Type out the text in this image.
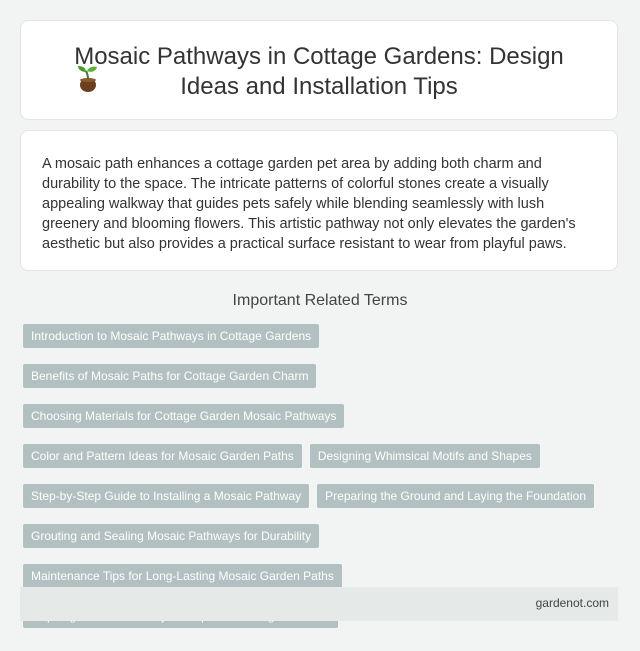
Mosaic Pathways in Cottage Gardens: Design
Ideas and Installation Tips
A mosaic path enhances a cottage garden pet area by adding both charm and durability to the space. The intricate patterns of colorful stones create a visually appealing walkway that guides pets safely while blending seamlessly with lush greenery and blooming flowers. This artistic pathway not only elevates the garden's aesthetic but also provides a practical surface resistant to wear from playful paws.
Important Related Terms
Introduction to Mosaic Pathways in Cottage Gardens
Benefits of Mosaic Paths for Cottage Garden Charm
Choosing Materials for Cottage Garden Mosaic Pathways
Color and Pattern Ideas for Mosaic Garden Paths	Designing Whimsical Motifs and Shapes
Step-by-Step Guide to Installing a Mosaic Pathway	Preparing the Ground and Laying the Foundation
Grouting and Sealing Mosaic Pathways for Durability
Maintenance Tips for Long-Lasting Mosaic Garden Paths
gardenot.com
